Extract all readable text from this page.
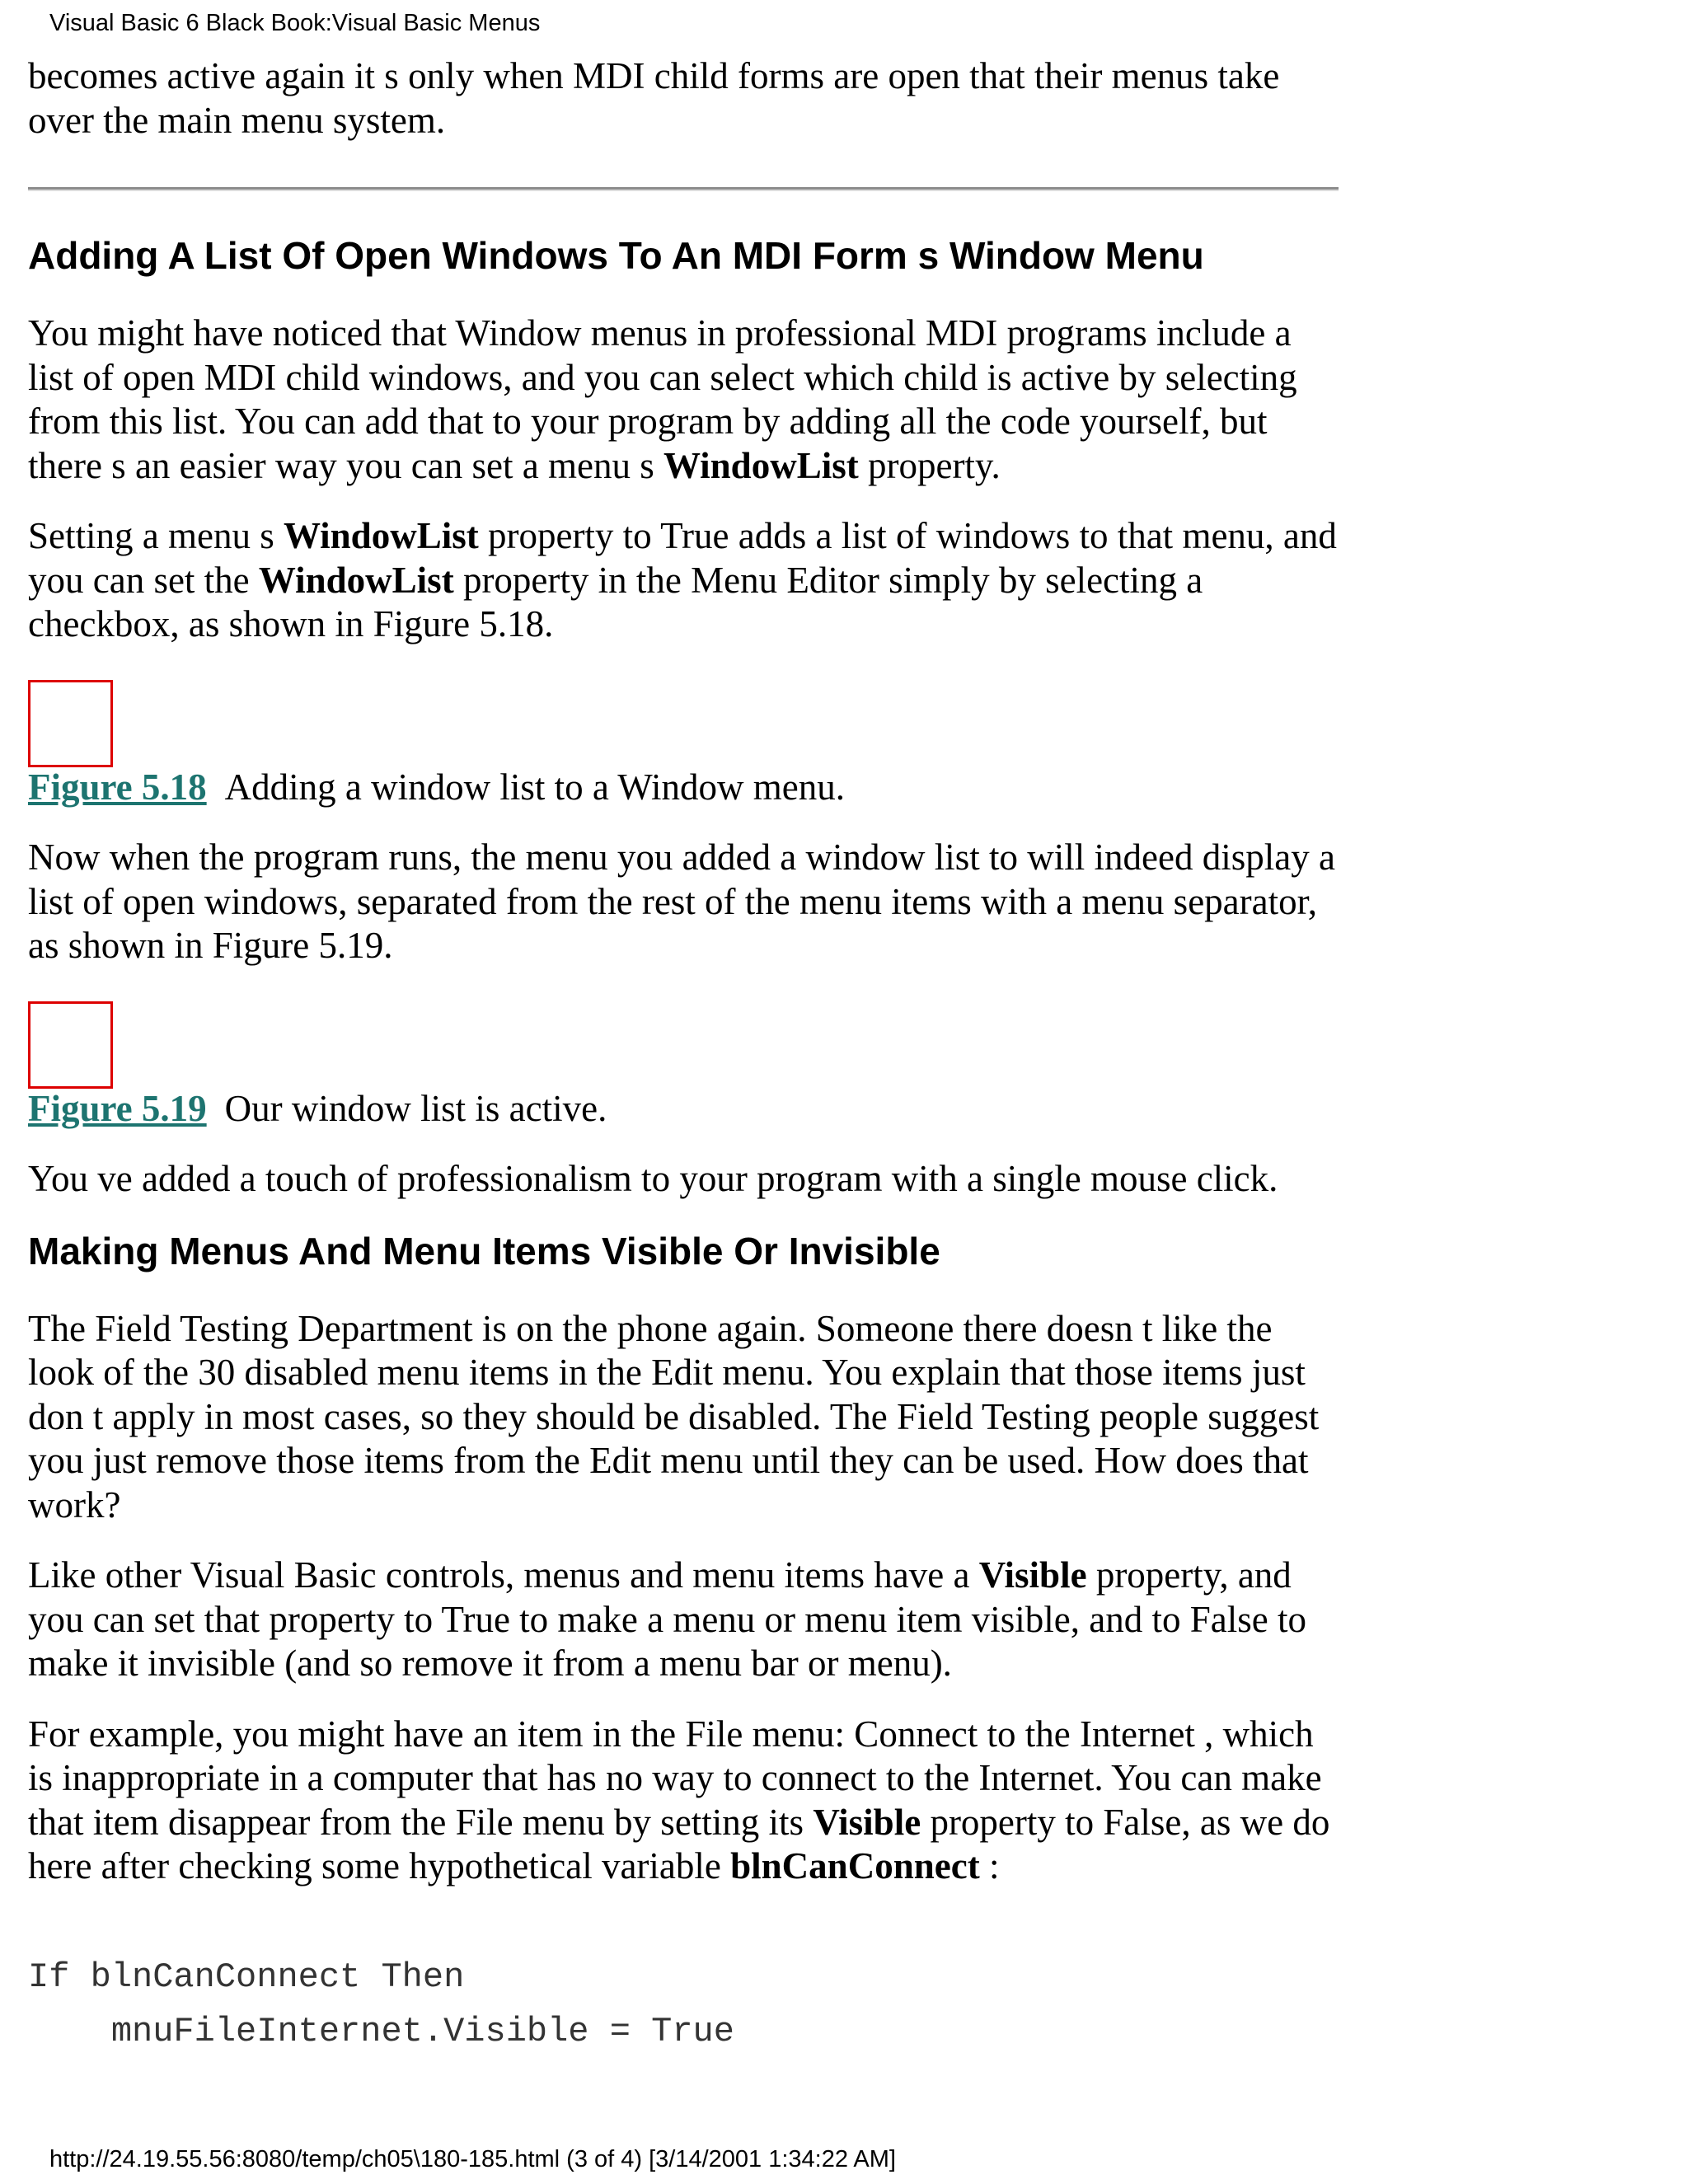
Visual Basic 6 Black Book:Visual Basic Menus

becomes active again it s only when MDI child forms are open that their menus take over the main menu system.

Adding A List Of Open Windows To An MDI Form s Window Menu

You might have noticed that Window menus in professional MDI programs include a list of open MDI child windows, and you can select which child is active by selecting from this list. You can add that to your program by adding all the code yourself, but there s an easier way you can set a menu s WindowList property.

Setting a menu s WindowList property to True adds a list of windows to that menu, and you can set the WindowList property in the Menu Editor simply by selecting a checkbox, as shown in Figure 5.18.

Figure 5.18 Adding a window list to a Window menu.

Now when the program runs, the menu you added a window list to will indeed display a list of open windows, separated from the rest of the menu items with a menu separator, as shown in Figure 5.19.

Figure 5.19 Our window list is active.

You ve added a touch of professionalism to your program with a single mouse click.

Making Menus And Menu Items Visible Or Invisible

The Field Testing Department is on the phone again. Someone there doesn t like the look of the 30 disabled menu items in the Edit menu. You explain that those items just don t apply in most cases, so they should be disabled. The Field Testing people suggest you just remove those items from the Edit menu until they can be used. How does that work?

Like other Visual Basic controls, menus and menu items have a Visible property, and you can set that property to True to make a menu or menu item visible, and to False to make it invisible (and so remove it from a menu bar or menu).

For example, you might have an item in the File menu: Connect to the Internet , which is inappropriate in a computer that has no way to connect to the Internet. You can make that item disappear from the File menu by setting its Visible property to False, as we do here after checking some hypothetical variable blnCanConnect :

If blnCanConnect Then
mnuFileInternet.Visible = True
http://24.19.55.56:8080/temp/ch05\180-185.html (3 of 4) [3/14/2001 1:34:22 AM]
